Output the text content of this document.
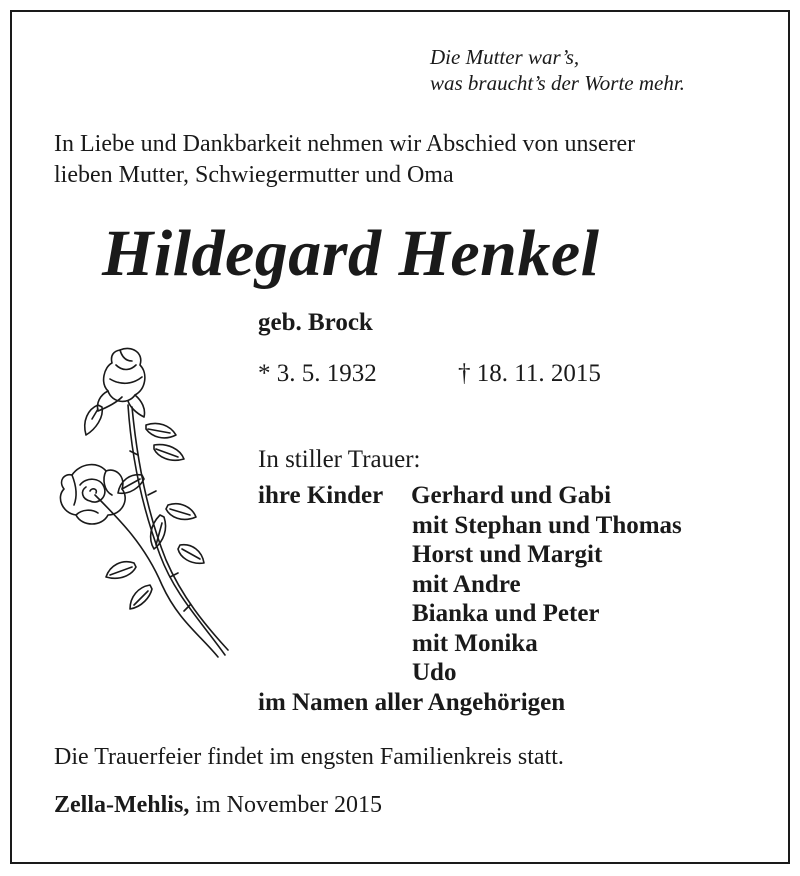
Die Mutter war’s,
was braucht’s der Worte mehr.
In Liebe und Dankbarkeit nehmen wir Abschied von unserer
lieben Mutter, Schwiegermutter und Oma
Hildegard Henkel
geb. Brock
* 3. 5. 1932	† 18. 11. 2015
In stiller Trauer:
ihre Kinder Gerhard und Gabi
mit Stephan und Thomas
Horst und Margit
mit Andre
Bianka und Peter
mit Monika
Udo
im Namen aller Angehörigen
Die Trauerfeier findet im engsten Familienkreis statt.
Zella-Mehlis, im November 2015
